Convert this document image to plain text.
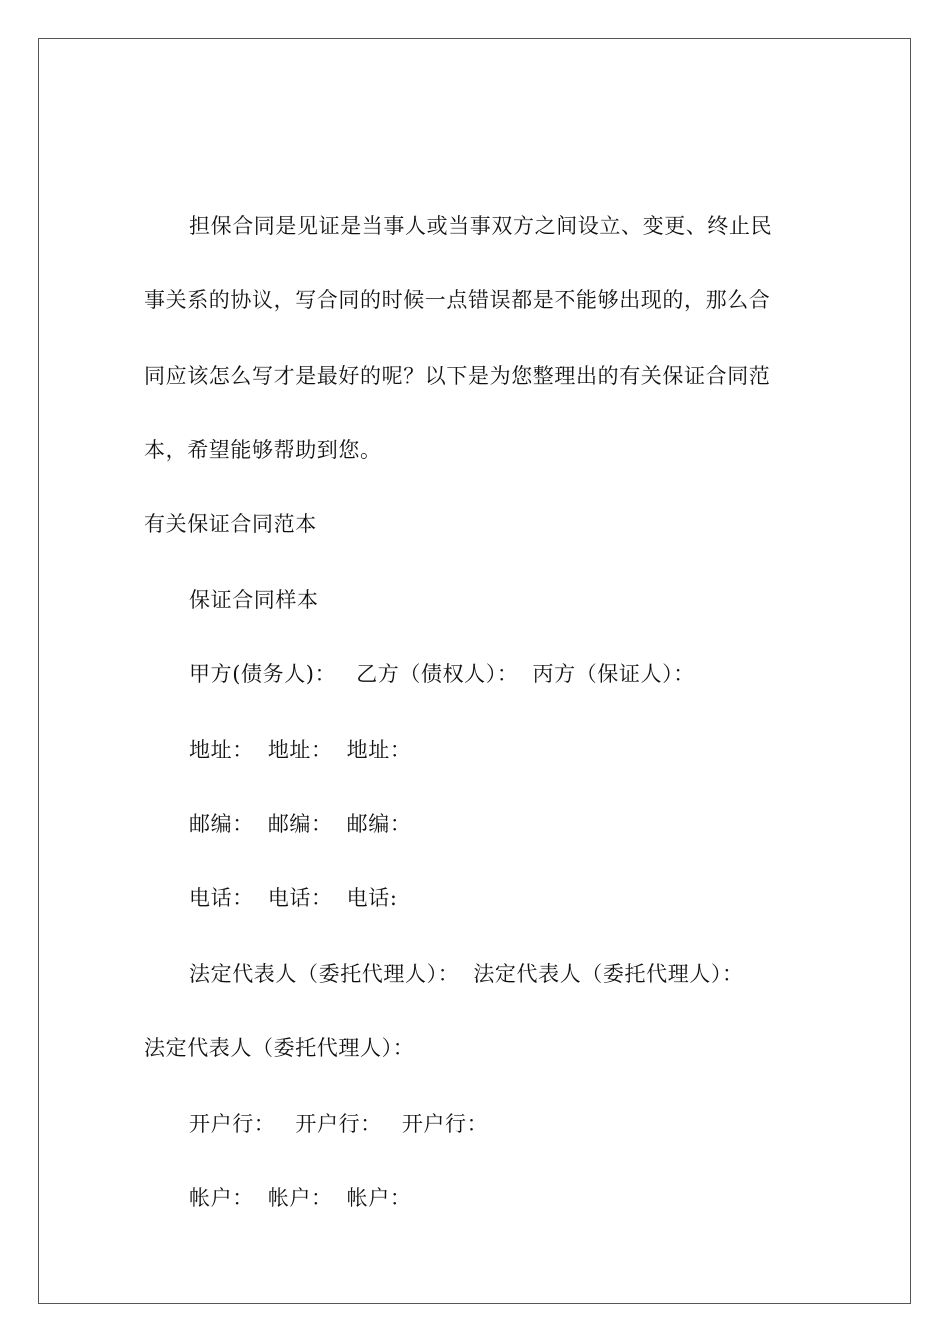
担保合同是见证是当事人或当事双方之间设立、变更、终止民

事关系的协议，写合同的时候一点错误都是不能够出现的，那么合

同应该怎么写才是最好的呢？以下是为您整理出的有关保证合同范

本，希望能够帮助到您。

有关保证合同范本

保证合同样本

甲方(债务人)： 乙方（债权人）： 丙方（保证人）：

地址： 地址： 地址：

邮编： 邮编： 邮编：

电话： 电话： 电话:

法定代表人（委托代理人）： 法定代表人（委托代理人）：

法定代表人（委托代理人）：

开户行： 开户行： 开户行：

帐户： 帐户： 帐户：
